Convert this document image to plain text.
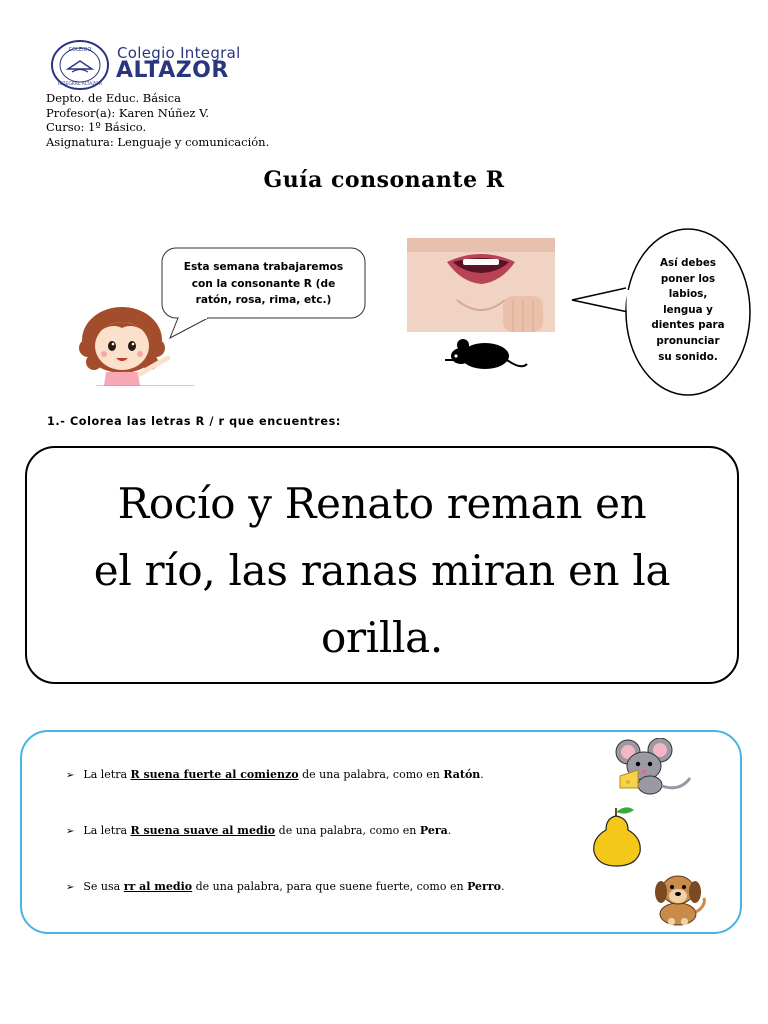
COLEGIO
INTEGRAL ALTAZOR
Colegio Integral
ALTAZOR
Depto. de Educ. Básica
Profesor(a): Karen Núñez V.
Curso: 1º Básico.
Asignatura: Lenguaje y comunicación.
Guía consonante R
Esta semana trabajaremos
con la consonante R (de
ratón, rosa, rima, etc.)
Así debes
poner los
labios,
lengua y
dientes para
pronunciar
su sonido.
1.- Colorea las letras R / r que encuentres:
Rocío y Renato reman en
el río, las ranas miran en la
orilla.
➢ La letra R suena fuerte al comienzo de una palabra, como en Ratón.
➢ La letra R suena suave al medio de una palabra, como en Pera.
➢ Se usa rr al medio de una palabra, para que suene fuerte, como en Perro.
